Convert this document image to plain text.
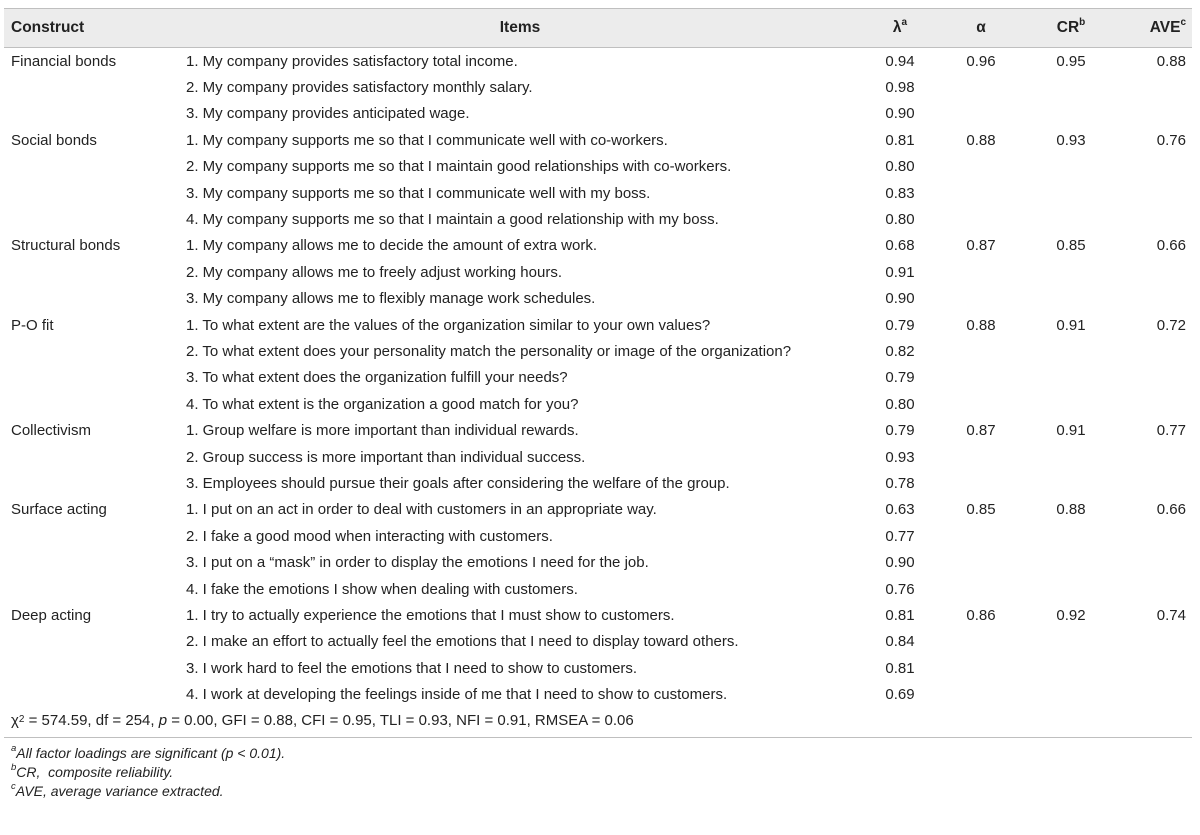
Construct	Items	$\lambda^a$	α	$CR^b$	AVE$^c$
Financial bonds	1. My company provides satisfactory total income.	0.94	0.96	0.95	0.88
2. My company provides satisfactory monthly salary.	0.98
3. My company provides anticipated wage.	0.90
Social bonds	1. My company supports me so that I communicate well with co-workers.	0.81	0.88	0.93	0.76
2. My company supports me so that I maintain good relationships with co-workers.	0.80
3. My company supports me so that I communicate well with my boss.	0.83
4. My company supports me so that I maintain a good relationship with my boss.	0.80
Structural bonds	1. My company allows me to decide the amount of extra work.	0.68	0.87	0.85	0.66
2. My company allows me to freely adjust working hours.	0.91
3. My company allows me to flexibly manage work schedules.	0.90
P-O fit	1. To what extent are the values of the organization similar to your own values?	0.79	0.88	0.91	0.72
2. To what extent does your personality match the personality or image of the organization?	0.82
3. To what extent does the organization fulfill your needs?	0.79
4. To what extent is the organization a good match for you?	0.80
Collectivism	1. Group welfare is more important than individual rewards.	0.79	0.87	0.91	0.77
2. Group success is more important than individual success.	0.93
3. Employees should pursue their goals after considering the welfare of the group.	0.78
Surface acting	1. I put on an act in order to deal with customers in an appropriate way.	0.63	0.85	0.88	0.66
2. I fake a good mood when interacting with customers.	0.77
3. I put on a “mask” in order to display the emotions I need for the job.	0.90
4. I fake the emotions I show when dealing with customers.	0.76
Deep acting	1. I try to actually experience the emotions that I must show to customers.	0.81	0.86	0.92	0.74
2. I make an effort to actually feel the emotions that I need to display toward others.	0.84
3. I work hard to feel the emotions that I need to show to customers.	0.81
4. I work at developing the feelings inside of me that I need to show to customers.	0.69
$\chi^2 = 574.59$, df = 254, p = 0.00, GFI = 0.88, CFI = 0.95, TLI = 0.93, NFI = 0.91, RMSEA = 0.06
$^a$All factor loadings are significant (p < 0.01).
$^b$CR,  composite reliability.
$^c$AVE, average variance extracted.
